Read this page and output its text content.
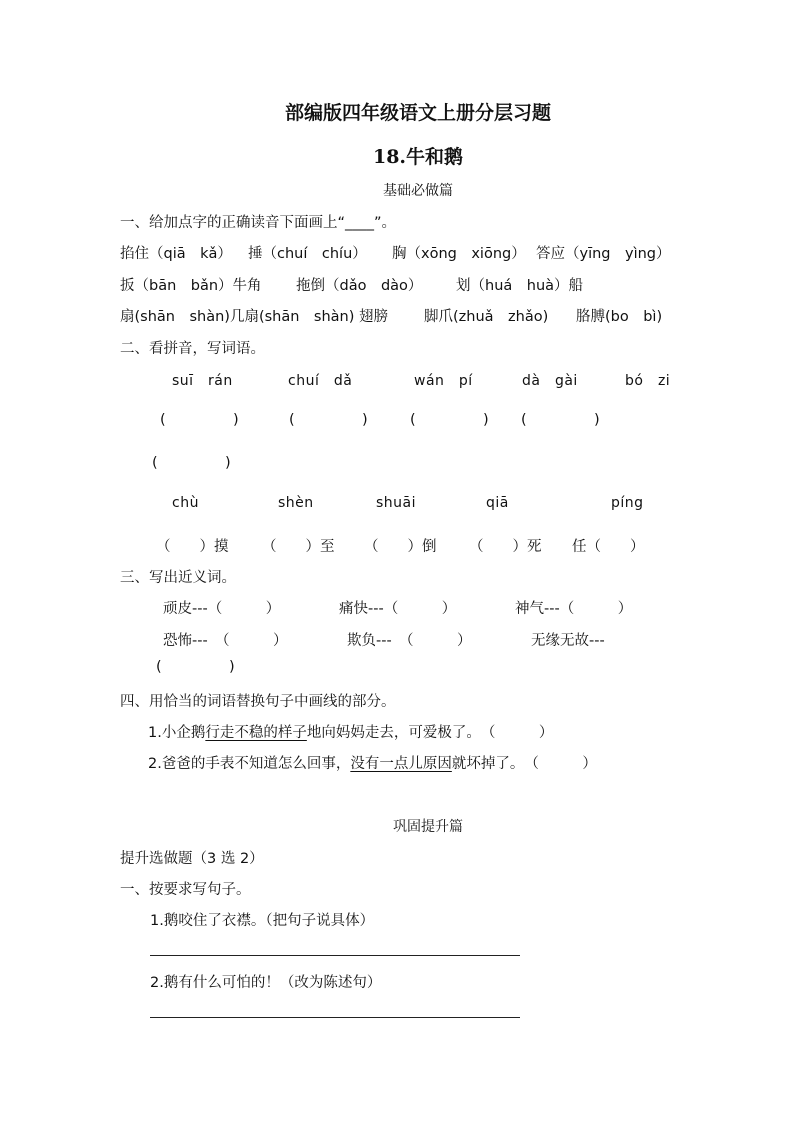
部编版四年级语文上册分层习题
18.牛和鹅
基础必做篇
一、给加点字的正确读音下面画上“____”。
掐住（qiā　kǎ） 捶（chuí　chíu） 胸（xōng　xiōng） 答应（yīng　yìng）
扳（bān　bǎn）牛角 拖倒（dǎo　dào） 划（huá　huà）船
扇(shān　shàn)几扇(shān　shàn) 翅膀 脚爪(zhuǎ　zhǎo) 胳膊(bo　bì)
二、看拼音，写词语。
suī　rán	chuí　dǎ	wán　pí	dà　gài	bó　zi
(	)	(	)	(	) (	)
(	)
chù	shèn	shuāi	qiā	píng
（　　）摸 （　　）至 （　　）倒 （　　）死 任（　　）
三、写出近义词。
顽皮---（　　　）	痛快---（　　　）	神气---（　　　）
恐怖---　（　　　）	欺负---　（　　　）	无缘无故---
(	)
四、用恰当的词语替换句子中画线的部分。
1.小企鹅行走不稳的样子地向妈妈走去，可爱极了。　（　　　）
2.爸爸的手表不知道怎么回事，没有一点儿原因就坏掉了。　（　　　）
巩固提升篇
提升选做题（3 选 2）
一、按要求写句子。
1.鹅咬住了衣襟。（把句子说具体）
2.鹅有什么可怕的！（改为陈述句）
